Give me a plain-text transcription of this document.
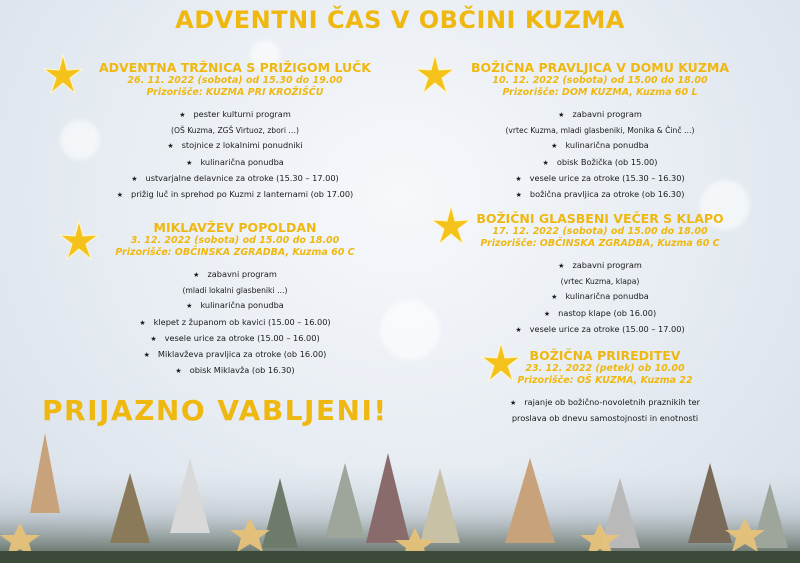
ADVENTNI ČAS V OBČINI KUZMA

ADVENTNA TRŽNICA S PRIŽIGOM LUČK

26. 11. 2022 (sobota) od 15.30 do 19.00

Prizorišče: KUZMA PRI KROŽIŠČU

★ pester kulturni program
(OŠ Kuzma, ZGŠ Virtuoz, zbori …)
★ stojnice z lokalnimi ponudniki
★ kulinarična ponudba
★ ustvarjalne delavnice za otroke (15.30 – 17.00)
★ prižig luč in sprehod po Kuzmi z lanternami (ob 17.00)

MIKLAVŽEV POPOLDAN

3. 12. 2022 (sobota) od 15.00 do 18.00

Prizorišče: OBČINSKA ZGRADBA, Kuzma 60 C

★ zabavni program
(mladi lokalni glasbeniki …)
★ kulinarična ponudba
★ klepet z županom ob kavici (15.00 – 16.00)
★ vesele urice za otroke (15.00 – 16.00)
★ Miklavževa pravljica za otroke (ob 16.00)
★ obisk Miklavža (ob 16.30)

BOŽIČNA PRAVLJICA V DOMU KUZMA

10. 12. 2022 (sobota) od 15.00 do 18.00

Prizorišče: DOM KUZMA, Kuzma 60 L

★ zabavni program
(vrtec Kuzma, mladi glasbeniki, Monika & Činč …)
★ kulinarična ponudba
★ obisk Božička (ob 15.00)
★ vesele urice za otroke (15.30 – 16.30)
★ božična pravljica za otroke (ob 16.30)

BOŽIČNI GLASBENI VEČER S KLAPO

17. 12. 2022 (sobota) od 15.00 do 18.00

Prizorišče: OBČINSKA ZGRADBA, Kuzma 60 C

★ zabavni program
(vrtec Kuzma, klapa)
★ kulinarična ponudba
★ nastop klape (ob 16.00)
★ vesele urice za otroke (15.00 – 17.00)

BOŽIČNA PRIREDITEV

23. 12. 2022 (petek) ob 10.00

Prizorišče: OŠ KUZMA, Kuzma 22

★ rajanje ob božično-novoletnih praznikih ter
proslava ob dnevu samostojnosti in enotnosti

PRIJAZNO VABLJENI!
